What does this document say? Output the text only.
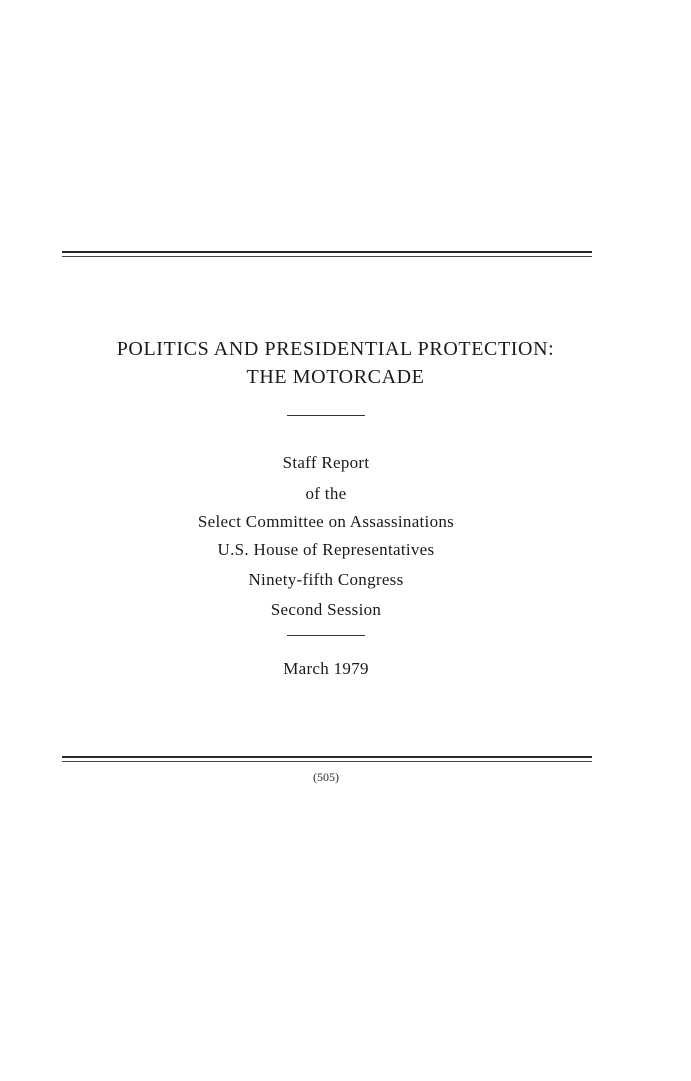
POLITICS AND PRESIDENTIAL PROTECTION:
THE MOTORCADE
Staff Report
of the
Select Committee on Assassinations
U.S. House of Representatives
Ninety-fifth Congress
Second Session
March 1979
(505)
